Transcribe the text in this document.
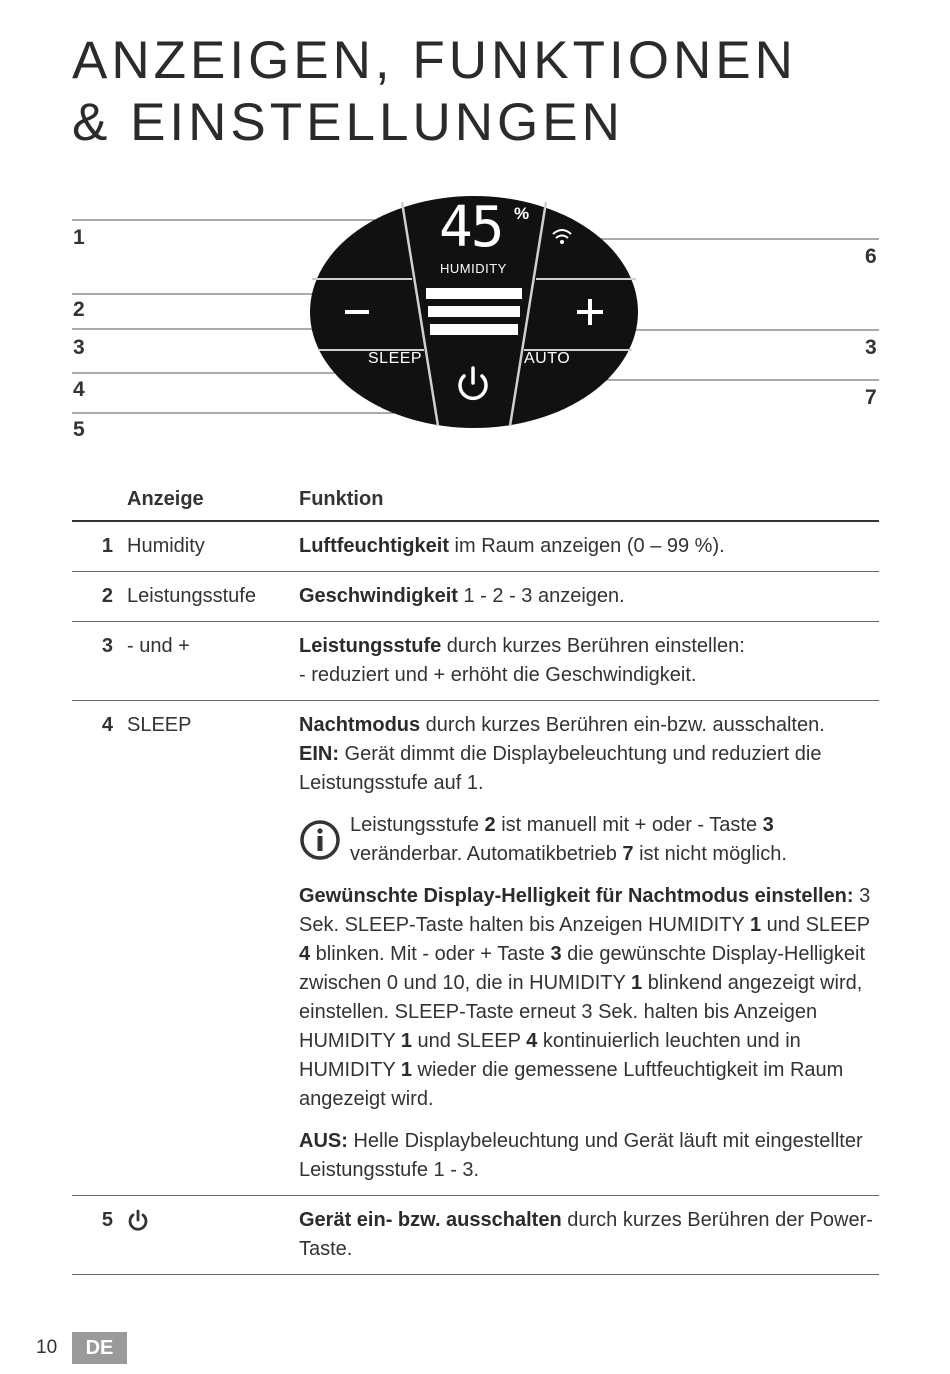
ANZEIGEN, FUNKTIONEN
& EINSTELLUNGEN
45 %
HUMIDITY
SLEEP	AUTO
1
2
3
4
5
6
3
7
Anzeige	Funktion
1 Humidity	Luftfeuchtigkeit im Raum anzeigen (0 – 99 %).
2 Leistungsstufe	Geschwindigkeit 1 - 2 - 3 anzeigen.
3 - und +	Leistungsstufe durch kurzes Berühren einstellen:
- reduziert und + erhöht die Geschwindigkeit.
4 SLEEP	Nachtmodus durch kurzes Berühren ein-bzw. ausschalten.
EIN: Gerät dimmt die Displaybeleuchtung und reduziert die Leistungsstufe auf 1.
Leistungsstufe 2 ist manuell mit + oder - Taste 3 veränderbar. Automatikbetrieb 7 ist nicht möglich.
Gewünschte Display-Helligkeit für Nachtmodus einstellen: 3 Sek. SLEEP-Taste halten bis Anzeigen HUMIDITY 1 und SLEEP 4 blinken. Mit - oder + Taste 3 die gewünschte Display-Helligkeit zwischen 0 und 10, die in HUMIDITY 1 blinkend angezeigt wird, einstellen. SLEEP-Taste erneut 3 Sek. halten bis Anzeigen HUMIDITY 1 und SLEEP 4 kontinuierlich leuchten und in HUMIDITY 1 wieder die gemessene Luftfeuchtigkeit im Raum angezeigt wird.
AUS: Helle Displaybeleuchtung und Gerät läuft mit eingestellter Leistungsstufe 1 - 3.
5	Gerät ein- bzw. ausschalten durch kurzes Berühren der Power-Taste.
10	DE
